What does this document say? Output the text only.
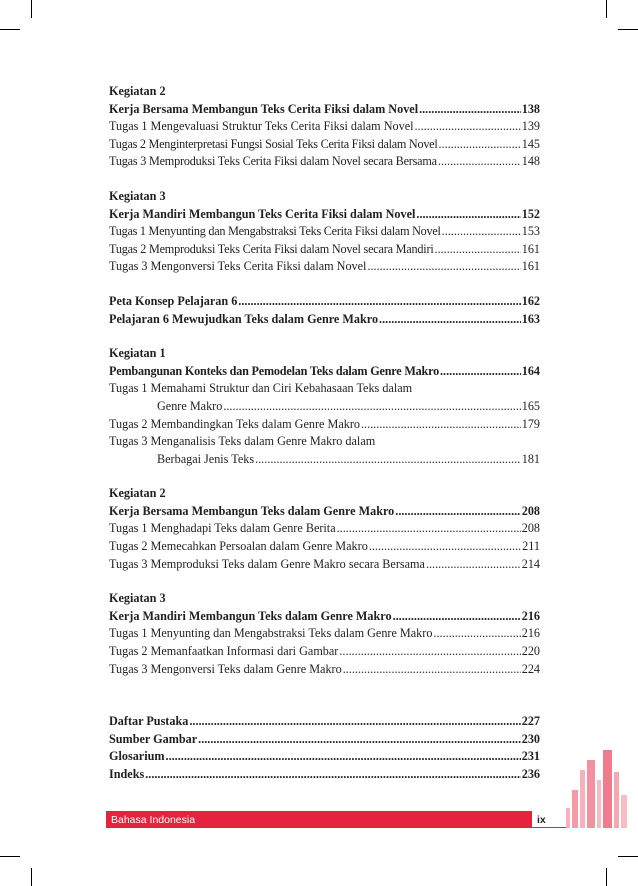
Kegiatan 2
Kerja Bersama Membangun Teks Cerita Fiksi dalam Novel .....	138
Tugas 1 Mengevaluasi Struktur Teks Cerita Fiksi dalam Novel .....	139
Tugas 2 Menginterpretasi Fungsi Sosial Teks Cerita Fiksi dalam Novel .....	145
Tugas 3 Memproduksi Teks Cerita Fiksi dalam Novel secara Bersama .....	148
Kegiatan 3
Kerja Mandiri Membangun Teks Cerita Fiksi dalam Novel .....	152
Tugas 1 Menyunting dan Mengabstraksi Teks Cerita Fiksi dalam Novel .....	153
Tugas 2 Memproduksi Teks Cerita Fiksi dalam Novel secara Mandiri .....	161
Tugas 3 Mengonversi Teks Cerita Fiksi dalam Novel .....	161
Peta Konsep Pelajaran 6 .....	162
Pelajaran 6 Mewujudkan Teks dalam Genre Makro .....	163
Kegiatan 1
Pembangunan Konteks dan Pemodelan Teks dalam Genre Makro .....	164
Tugas 1 Memahami Struktur dan Ciri Kebahasaan Teks dalam
Genre Makro .....	165
Tugas 2 Membandingkan Teks dalam Genre Makro .....	179
Tugas 3 Menganalisis Teks dalam Genre Makro dalam
Berbagai Jenis Teks .....	181
Kegiatan 2
Kerja Bersama Membangun Teks dalam Genre Makro .....	208
Tugas 1 Menghadapi Teks dalam Genre Berita .....	208
Tugas 2 Memecahkan Persoalan dalam Genre Makro .....	211
Tugas 3 Memproduksi Teks dalam Genre Makro secara Bersama .....	214
Kegiatan 3
Kerja Mandiri Membangun Teks dalam Genre Makro .....	216
Tugas 1 Menyunting dan Mengabstraksi Teks dalam Genre Makro .....	216
Tugas 2 Memanfaatkan Informasi dari Gambar .....	220
Tugas 3 Mengonversi Teks dalam Genre Makro .....	224
Daftar Pustaka .....	227
Sumber Gambar .....	230
Glosarium .....	231
Indeks .....	236
Bahasa Indonesia	ix
